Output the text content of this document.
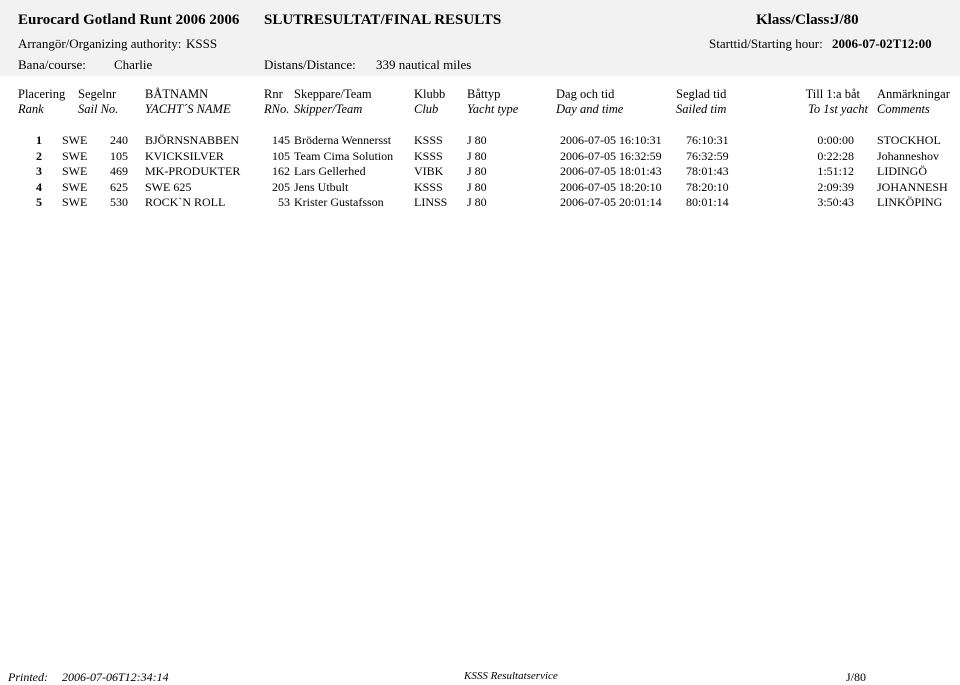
Eurocard Gotland Runt 2006 2006 SLUTRESULTAT/FINAL RESULTS	Klass/Class:
J/80
Arrangör/Organizing authority: KSSS	Starttid/Starting hour: 2006-07-02T12:00
Bana/course: Charlie	Distans/Distance: 339 nautical miles
Placering Segelnr BÅTNAMN	Rnr Skeppare/Team	Klubb Båttyp	Dag och tid	Seglad tid	Till 1:a båt Anmärkningar
Rank	Sail No. YACHT´S NAME	RNo. Skipper/Team	Club Yacht type	Day and time	Sailed tim	To 1st yacht Comments
1	SWE	240 BJÖRNSNABBEN	145 Bröderna Wennersst	KSSS	J 80	2006-07-05 16:10:31	76:10:31	0:00:00 STOCKHOL
2	SWE	105 KVICKSILVER	105 Team Cima Solution	KSSS	J 80	2006-07-05 16:32:59	76:32:59	0:22:28 Johanneshov
3	SWE	469 MK-PRODUKTER	162 Lars Gellerhed	VIBK	J 80	2006-07-05 18:01:43	78:01:43	1:51:12 LIDINGÖ
4	SWE	625 SWE 625	205 Jens Utbult	KSSS	J 80	2006-07-05 18:20:10	78:20:10	2:09:39 JOHANNESH
5	SWE	530 ROCK`N ROLL	53 Krister Gustafsson	LINSS	J 80	2006-07-05 20:01:14	80:01:14	3:50:43 LINKÖPING
Printed: 2006-07-06T12:34:14	KSSS Resultatservice	J/80
